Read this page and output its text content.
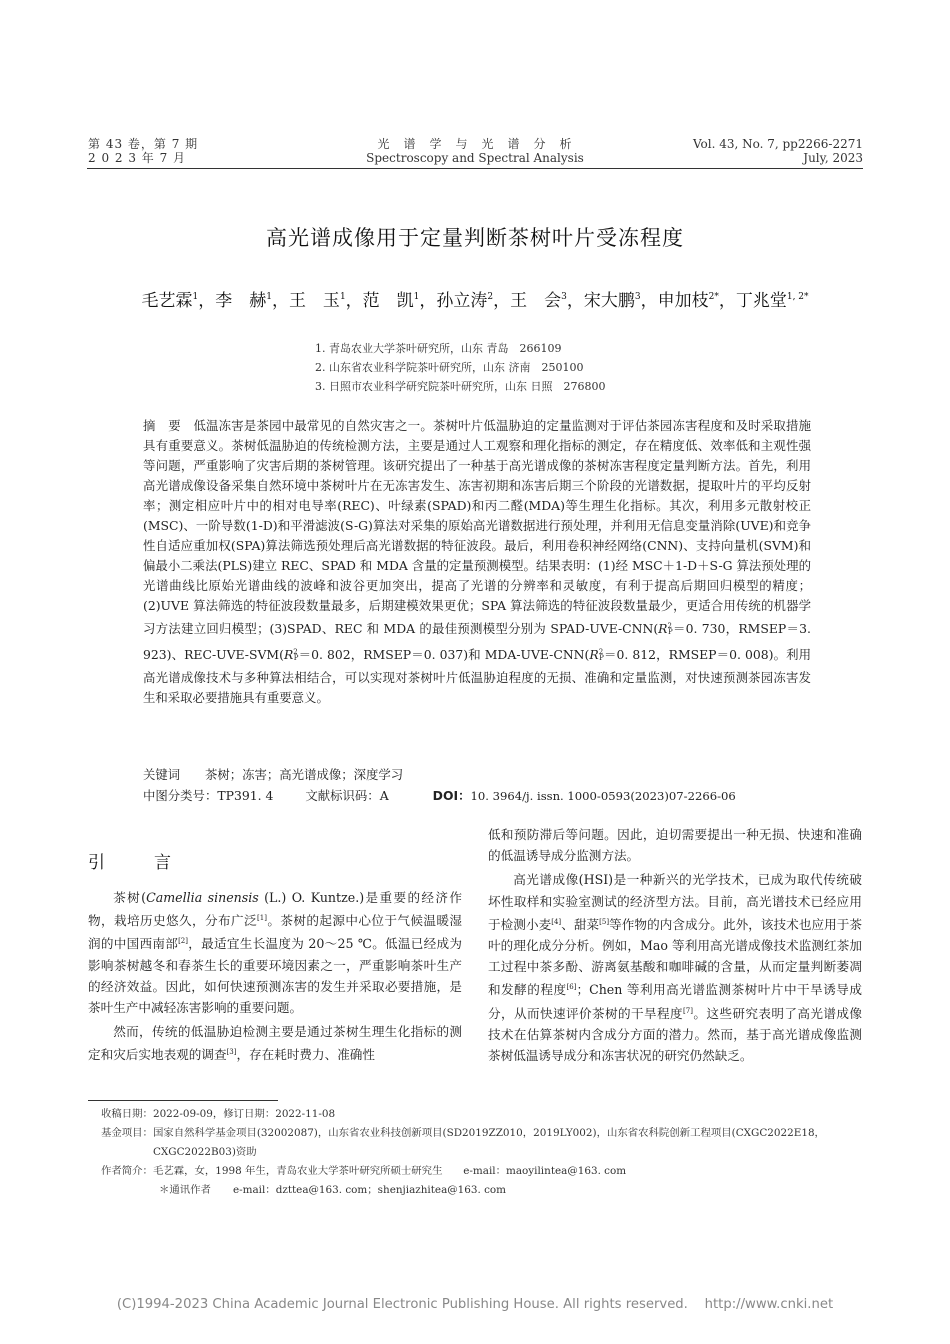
第 43 卷，第 7 期
2 0 2 3 年 7 月
光　谱　学　与　光　谱　分　析
Spectroscopy and Spectral Analysis
Vol. 43, No. 7, pp2266-2271
July, 2023
高光谱成像用于定量判断茶树叶片受冻程度
毛艺霖$^1$，李　赫$^1$，王　玉$^1$，范　凯$^1$，孙立涛$^2$，王　会$^3$，宋大鹏$^3$，申加枝$^{2*}$，丁兆堂$^{1, 2*}$
1. 青岛农业大学茶叶研究所，山东 青岛　266109
2. 山东省农业科学院茶叶研究所，山东 济南　250100
3. 日照市农业科学研究院茶叶研究所，山东 日照　276800
摘　要　 低温冻害是茶园中最常见的自然灾害之一。茶树叶片低温胁迫的定量监测对于评估茶园冻害程度和及时采取措施具有重要意义。茶树低温胁迫的传统检测方法，主要是通过人工观察和理化指标的测定，存在精度低、效率低和主观性强等问题，严重影响了灾害后期的茶树管理。该研究提出了一种基于高光谱成像的茶树冻害程度定量判断方法。首先，利用高光谱成像设备采集自然环境中茶树叶片在无冻害发生、冻害初期和冻害后期三个阶段的光谱数据，提取叶片的平均反射率；测定相应叶片中的相对电导率(REC)、叶绿素(SPAD)和丙二醛(MDA)等生理生化指标。其次，利用多元散射校正(MSC)、一阶导数(1-D)和平滑滤波(S-G)算法对采集的原始高光谱数据进行预处理，并利用无信息变量消除(UVE)和竞争性自适应重加权(SPA)算法筛选预处理后高光谱数据的特征波段。最后，利用卷积神经网络(CNN)、支持向量机(SVM)和偏最小二乘法(PLS)建立 REC、SPAD 和 MDA 含量的定量预测模型。结果表明：(1)经 MSC＋1-D＋S-G 算法预处理的光谱曲线比原始光谱曲线的波峰和波谷更加突出，提高了光谱的分辨率和灵敏度，有利于提高后期回归模型的精度；(2)UVE 算法筛选的特征波段数量最多，后期建模效果更优；SPA 算法筛选的特征波段数量最少，更适合用传统的机器学习方法建立回归模型；(3)SPAD、REC 和 MDA 的最佳预测模型分别为 SPAD-$UVE-CNN(R^2_P=0$. 730，RMSEP＝3. 923)、REC-$UVE-SVM(R^2_P=0$. 802，RMSEP＝0. 037)和 MDA-$UVE-CNN(R^2_P=0$. 812，RMSEP＝0. 008)。利用高光谱成像技术与多种算法相结合，可以实现对茶树叶片低温胁迫程度的无损、准确和定量监测，对快速预测茶园冻害发生和采取必要措施具有重要意义。
关键词　　 茶树；冻害；高光谱成像；深度学习
中图分类号：TP391. 4	文献标识码：A	DOI：10. 3964/j. issn. 1000-0593(2023)07-2266-06
引　言

茶树(Camellia sinensis (L.) O. Kuntze.)是重要的经济作物，栽培历史悠久，分布广泛[1]。茶树的起源中心位于气候温暖湿润的中国西南部[2]，最适宜生长温度为 20～25 ℃。低温已经成为影响茶树越冬和春茶生长的重要环境因素之一，严重影响茶叶生产的经济效益。因此，如何快速预测冻害的发生并采取必要措施，是茶叶生产中减轻冻害影响的重要问题。

然而，传统的低温胁迫检测主要是通过茶树生理生化指标的测定和灾后实地表观的调查[3]，存在耗时费力、准确性

低和预防滞后等问题。因此，迫切需要提出一种无损、快速和准确的低温诱导成分监测方法。

高光谱成像(HSI)是一种新兴的光学技术，已成为取代传统破坏性取样和实验室测试的经济型方法。目前，高光谱技术已经应用于检测小麦[4]、甜菜[5]等作物的内含成分。此外，该技术也应用于茶叶的理化成分分析。例如，Mao 等利用高光谱成像技术监测红茶加工过程中茶多酚、游离氨基酸和咖啡碱的含量，从而定量判断萎凋和发酵的程度[6]；Chen 等利用高光谱监测茶树叶片中干旱诱导成分，从而快速评价茶树的干旱程度[7]。这些研究表明了高光谱成像技术在估算茶树内含成分方面的潜力。然而，基于高光谱成像监测茶树低温诱导成分和冻害状况的研究仍然缺乏。

收稿日期： 2022-09-09，修订日期：2022-11-08
基金项目： 国家自然科学基金项目(32002087)，山东省农业科技创新项目(SD2019ZZ010，2019LY002)，山东省农科院创新工程项目(CXGC2022E18，CXGC2022B03)资助
作者简介： 毛艺霖，女，1998 年生，青岛农业大学茶叶研究所硕士研究生　　e-mail：maoyilintea@163. com
＊通讯作者	e-mail：dzttea@163. com；shenjiazhitea@163. com
(C)1994-2023 China Academic Journal Electronic Publishing House. All rights reserved.    http://www.cnki.net
